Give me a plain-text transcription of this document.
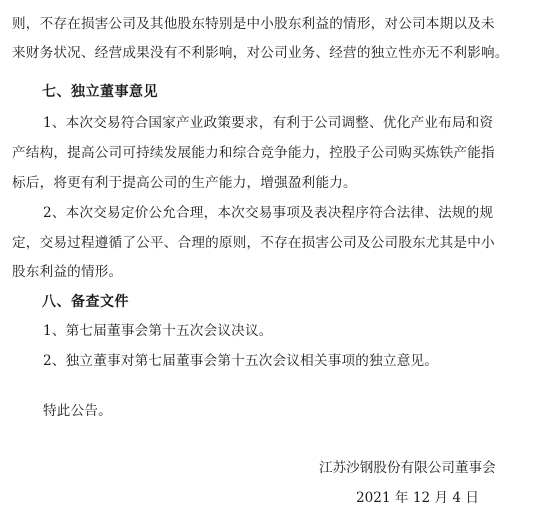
则，不存在损害公司及其他股东特别是中小股东利益的情形，对公司本期以及未
来财务状况、经营成果没有不利影响，对公司业务、经营的独立性亦无不利影响。
七、独立董事意见
1、本次交易符合国家产业政策要求，有利于公司调整、优化产业布局和资
产结构，提高公司可持续发展能力和综合竞争能力，控股子公司购买炼铁产能指
标后，将更有利于提高公司的生产能力，增强盈利能力。
2、本次交易定价公允合理，本次交易事项及表决程序符合法律、法规的规
定，交易过程遵循了公平、合理的原则，不存在损害公司及公司股东尤其是中小
股东利益的情形。
八、备查文件
1、第七届董事会第十五次会议决议。
2、独立董事对第七届董事会第十五次会议相关事项的独立意见。
特此公告。
江苏沙钢股份有限公司董事会
2021 年 12 月 4 日
